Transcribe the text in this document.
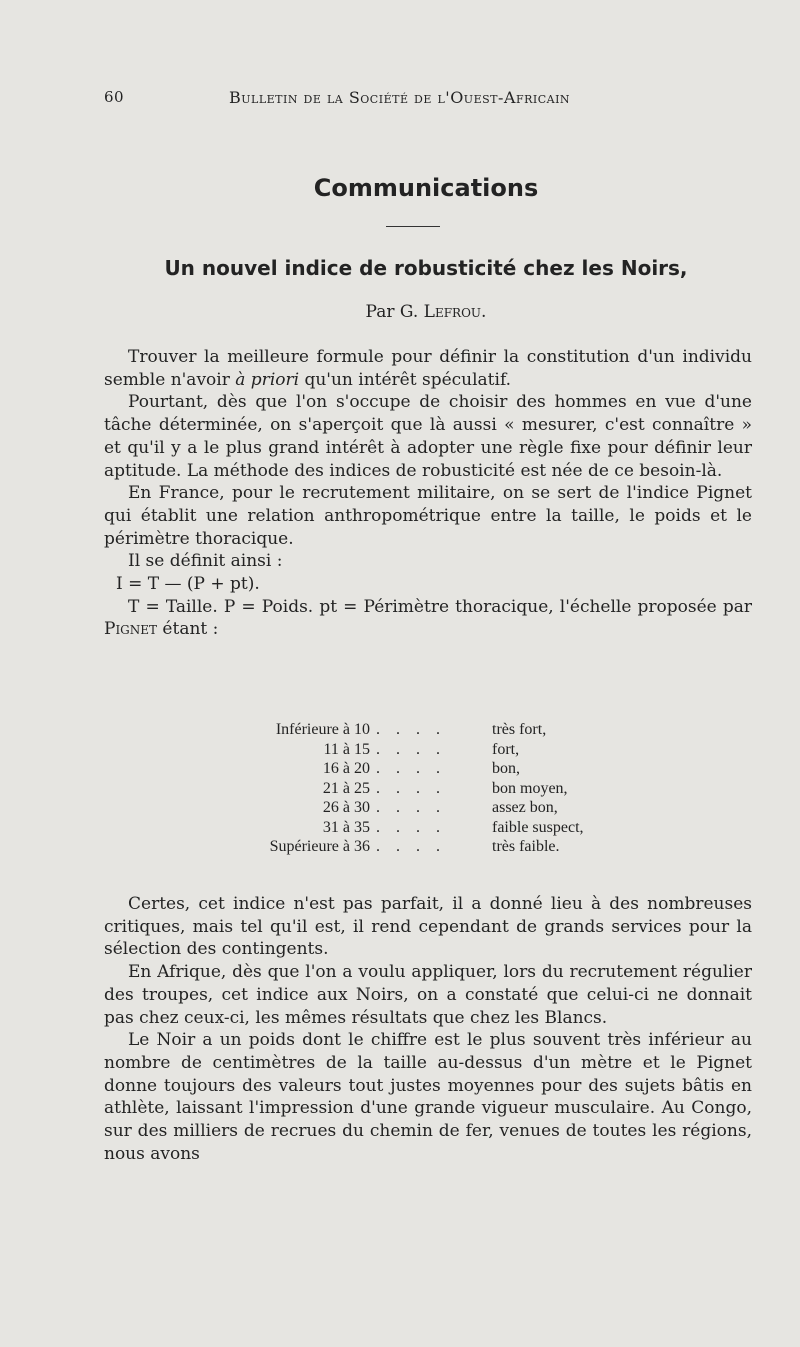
60	Bulletin de la Société de l'Ouest-Africain
Communications
Un nouvel indice de robusticité chez les Noirs,
Par G. Lefrou.

Trouver la meilleure formule pour définir la constitution d'un individu semble n'avoir à priori qu'un intérêt spéculatif.

Pourtant, dès que l'on s'occupe de choisir des hommes en vue d'une tâche déterminée, on s'aperçoit que là aussi « mesurer, c'est connaître » et qu'il y a le plus grand intérêt à adopter une règle fixe pour définir leur aptitude. La méthode des indices de robusticité est née de ce besoin-là.

En France, pour le recrutement militaire, on se sert de l'indice Pignet qui établit une relation anthropométrique entre la taille, le poids et le périmètre thoracique.

Il se définit ainsi :

I = T — (P + pt).

T = Taille. P = Poids. pt = Périmètre thoracique, l'échelle proposée par Pignet étant :

Inférieure à 10 . . . .	très fort,
11 à 15 . . . .	fort,
16 à 20 . . . .	bon,
21 à 25 . . . .	bon moyen,
26 à 30 . . . .	assez bon,
31 à 35 . . . .	faible suspect,
Supérieure à 36 . . . .	très faible.

Certes, cet indice n'est pas parfait, il a donné lieu à des nombreuses critiques, mais tel qu'il est, il rend cependant de grands services pour la sélection des contingents.

En Afrique, dès que l'on a voulu appliquer, lors du recrutement régulier des troupes, cet indice aux Noirs, on a constaté que celui-ci ne donnait pas chez ceux-ci, les mêmes résultats que chez les Blancs.

Le Noir a un poids dont le chiffre est le plus souvent très inférieur au nombre de centimètres de la taille au-dessus d'un mètre et le Pignet donne toujours des valeurs tout justes moyennes pour des sujets bâtis en athlète, laissant l'impression d'une grande vigueur musculaire. Au Congo, sur des milliers de recrues du chemin de fer, venues de toutes les régions, nous avons
